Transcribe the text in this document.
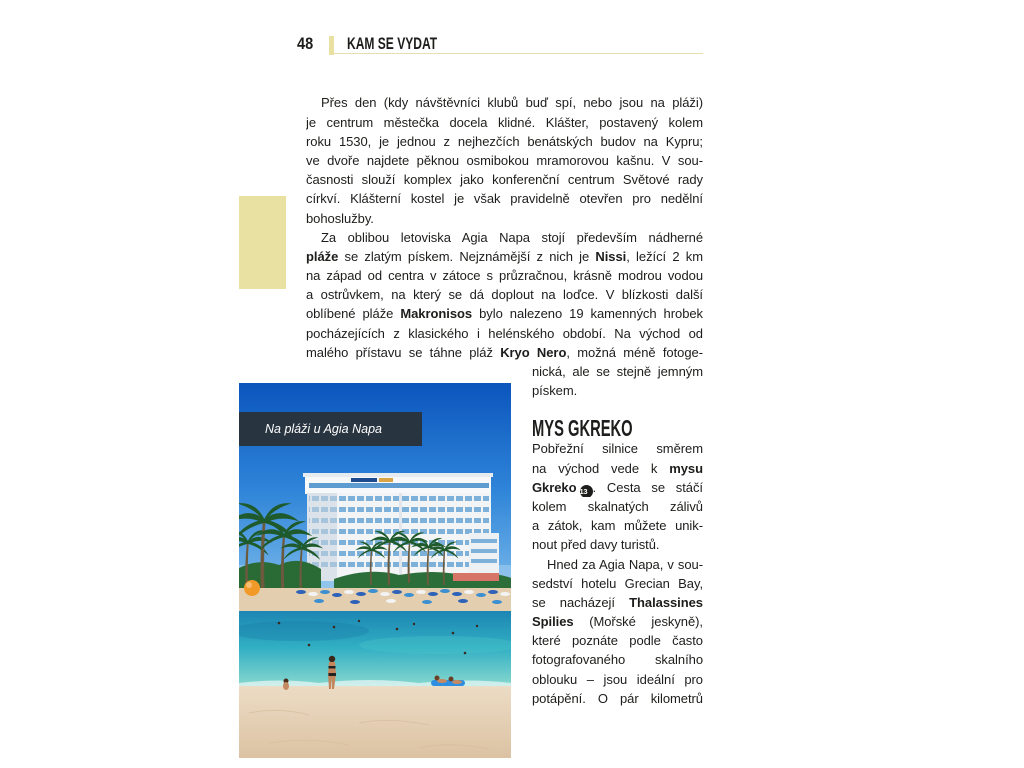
48 KAM SE VYDAT
Přes den (kdy návštěvníci klubů buď spí, nebo jsou na pláži)
je centrum městečka docela klidné. Klášter, postavený kolem
roku 1530, je jednou z nejhezčích benátských budov na Kypru;
ve dvoře najdete pěknou osmibokou mramorovou kašnu. V sou-
časnosti slouží komplex jako konferenční centrum Světové rady
církví. Klášterní kostel je však pravidelně otevřen pro nedělní
bohoslužby.
Za oblibou letoviska Agia Napa stojí především nádherné
pláže se zlatým pískem. Nejznámější z nich je Nissi, ležící 2 km
na západ od centra v zátoce s průzračnou, krásně modrou vodou
a ostrůvkem, na který se dá doplout na loďce. V blízkosti další
oblíbené pláže Makronisos bylo nalezeno 19 kamenných hrobek
pocházejících z klasického i helénského období. Na východ od
malého přístavu se táhne pláž Kryo Nero, možná méně fotoge-
nická, ale se stejně jemným
pískem.
MYS GKREKO
Pobřežní silnice směrem
na východ vede k mysu
Gkreko 13 . Cesta se stáčí
kolem skalnatých zálivů
a zátok, kam můžete unik-
nout před davy turistů.
Hned za Agia Napa, v sou-
sedství hotelu Grecian Bay,
se nacházejí Thalassines
Spilies (Mořské jeskyně),
které poznáte podle často
fotografovaného skalního
oblouku – jsou ideální pro
potápění. O pár kilometrů
Na pláži u Agia Napa
